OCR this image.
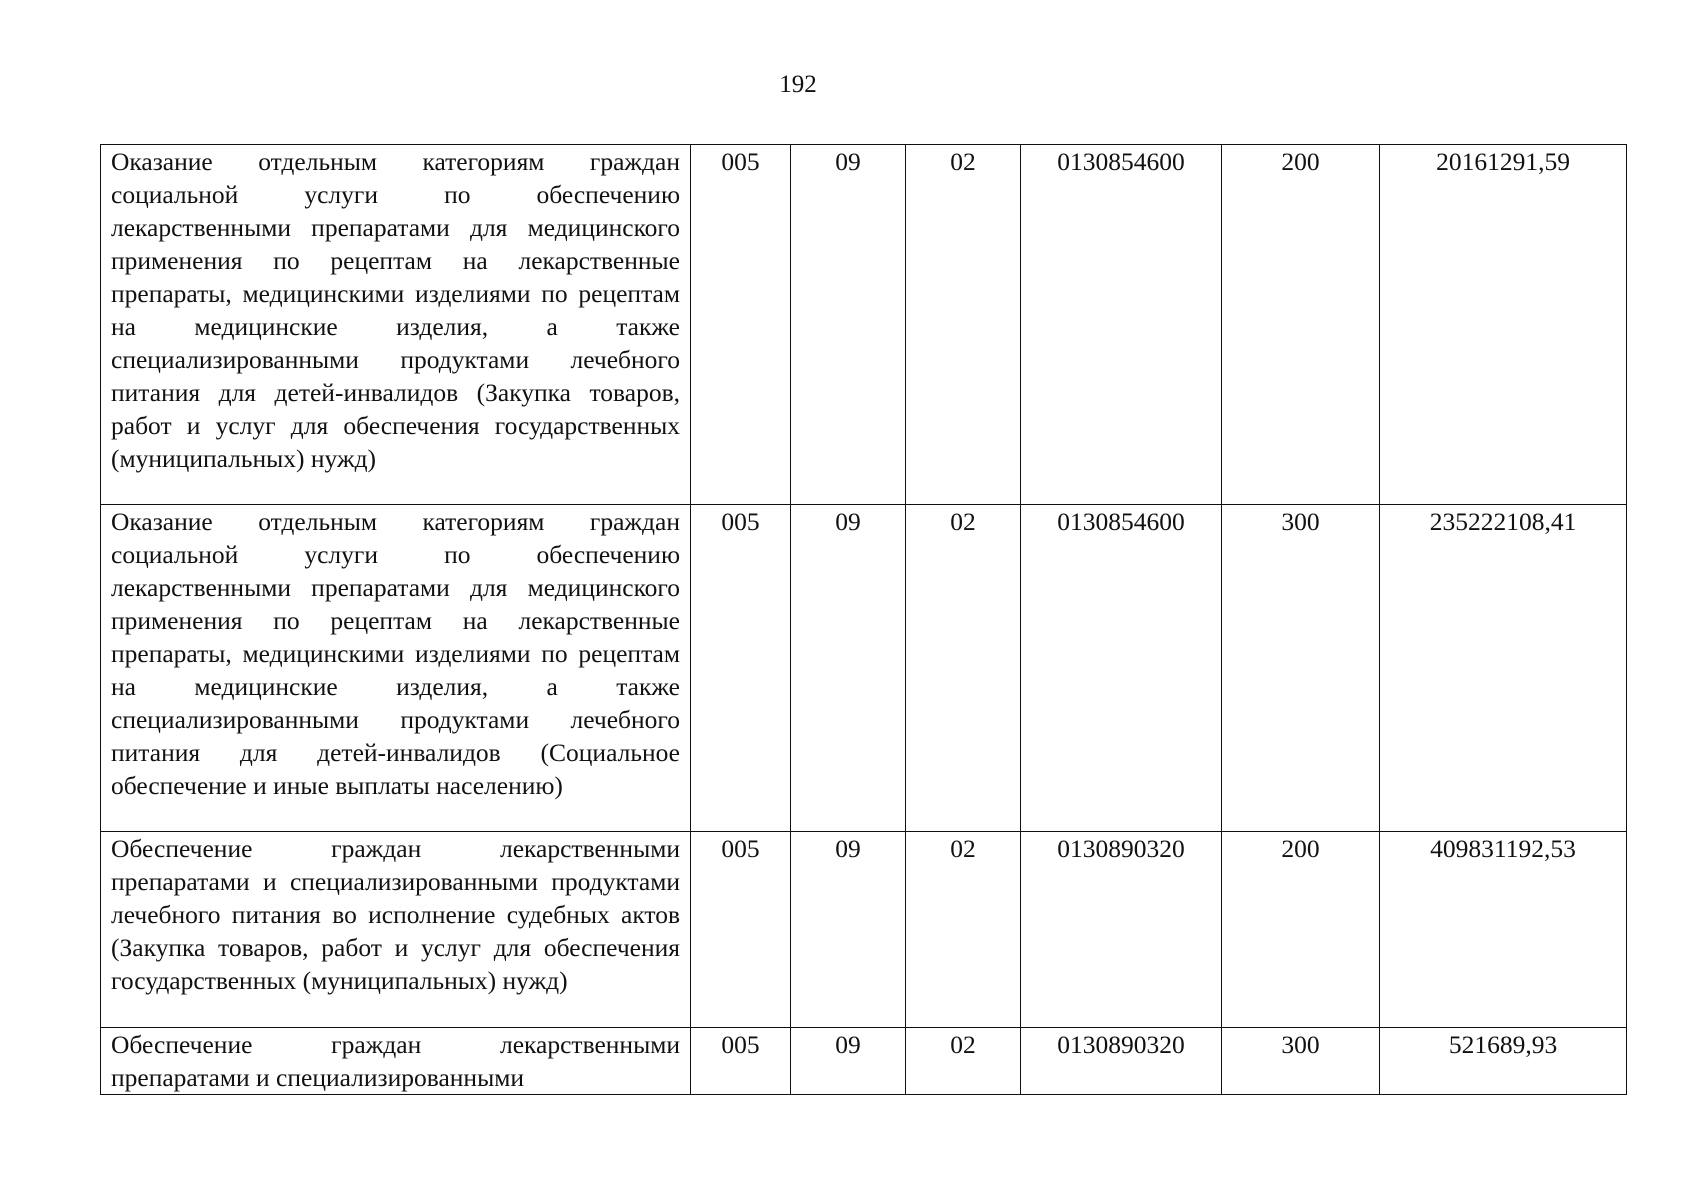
192
Оказание отдельным категориям граждан социальной услуги по обеспечению лекарственными препаратами для медицинского применения по рецептам на лекарственные препараты, медицинскими изделиями по рецептам на медицинские изделия, а также специализированными продуктами лечебного питания для детей-инвалидов (Закупка товаров, работ и услуг для обеспечения государственных (муниципальных) нужд)	005	09	02	0130854600	200	20161291,59
Оказание отдельным категориям граждан социальной услуги по обеспечению лекарственными препаратами для медицинского применения по рецептам на лекарственные препараты, медицинскими изделиями по рецептам на медицинские изделия, а также специализированными продуктами лечебного питания для детей-инвалидов (Социальное обеспечение и иные выплаты населению)	005	09	02	0130854600	300	235222108,41
Обеспечение граждан лекарственными препаратами и специализированными продуктами лечебного питания во исполнение судебных актов (Закупка товаров, работ и услуг для обеспечения государственных (муниципальных) нужд)	005	09	02	0130890320	200	409831192,53
Обеспечение граждан лекарственными препаратами и специализированными	005	09	02	0130890320	300	521689,93
